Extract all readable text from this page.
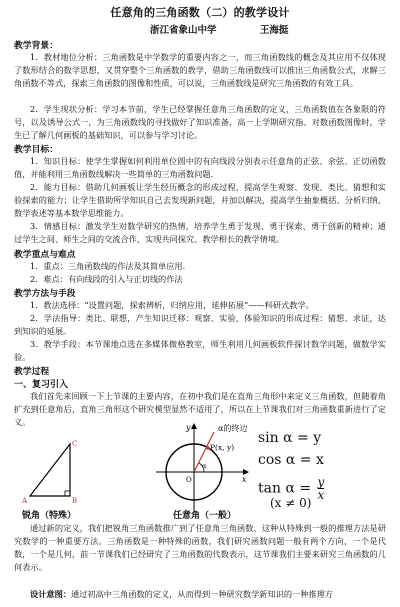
任意角的三角函数（二）的教学设计
浙江省象山中学	王海挺
教学背景：
1．教材地位分析：三角函数是中学数学的重要内容之一，而三角函数线的概念及其应用不仅体现了数形结合的数学思想，又贯穿整个三角函数的教学，借助三角函数线可以推出三角函数公式，求解三角函数不等式，探索三角函数的图像和性质，可以说，三角函数线是研究三角函数的有效工具。
2．学生现状分析：学习本节前，学生已经掌握任意角三角函数的定义，三角函数值在各象限的符号，以及诱导公式一，为三角函数线的寻找做好了知识准备，高一上学期研究指、对数函数图像时，学生已了解几何画板的基础知识，可以参与学习讨论。
教学目标：
1．知识目标：使学生掌握如何利用单位圆中的有向线段分别表示任意角的正弦、余弦、正切函数值，并能利用三角函数线解决一些简单的三角函数问题．
2．能力目标：借助几何画板让学生经历概念的形成过程，提高学生观察、发现、类比、猜想和实验探索的能力；让学生借助所学知识自己去发现新问题，并加以解决，提高学生抽象概括、分析归纳、数学表述等基本数学思维能力。
3．情感目标：激发学生对数学研究的热情，培养学生勇于发现、勇于探索、勇于创新的精神；通过学生之间、师生之间的交流合作，实现共同探究、教学相长的教学情境。
教学重点与难点
1．重点：三角函数线的作法及其简单应用．
2．难点：有向线段的引入与正切线的作法
教学方法与手段
1．教法选择：“设置问题，探索辨析，归纳应用，延伸拓展”——科研式教学。
2．学法指导：类比、联想，产生知识迁移：观察、实验，体验知识的形成过程：猜想、求证，达到知识的延展。
3．教学手段：本节课地点选在多媒体微格教室，师生利用几何画板软件探讨数学问题，做数学实验。
教学过程
一、复习引入
我们首先来回顾一下上节课的主要内容，在初中我们是在直角三角形中来定义三角函数，但随着角扩充到任意角后，直角三角形这个研究模型显然不适用了，所以在上节课我们对三角函数重新进行了定义。
C
A	B
锐角（特殊）
x
y
O
α
P(x, y)
α的终边
任意角（一般）
sin α = y
cos α = x
$\tan \alpha = \frac{y}{x}$
(x ≠ 0)
通过新的定义，我们把锐角三角函数推广到了任意角三角函数，这种从特殊到一般的推理方法是研究数学的一种重要方法。三角函数是一种特殊的函数，我们研究函数问题一般有两个方向，一个是代数，一个是几何，前一节课我们已经研究了三角函数的代数表示，这节课我们主要来研究三角函数的几何表示。
设计意图：通过初高中三角函数的定义，从而得到一种研究数学新知识的一种推理方
